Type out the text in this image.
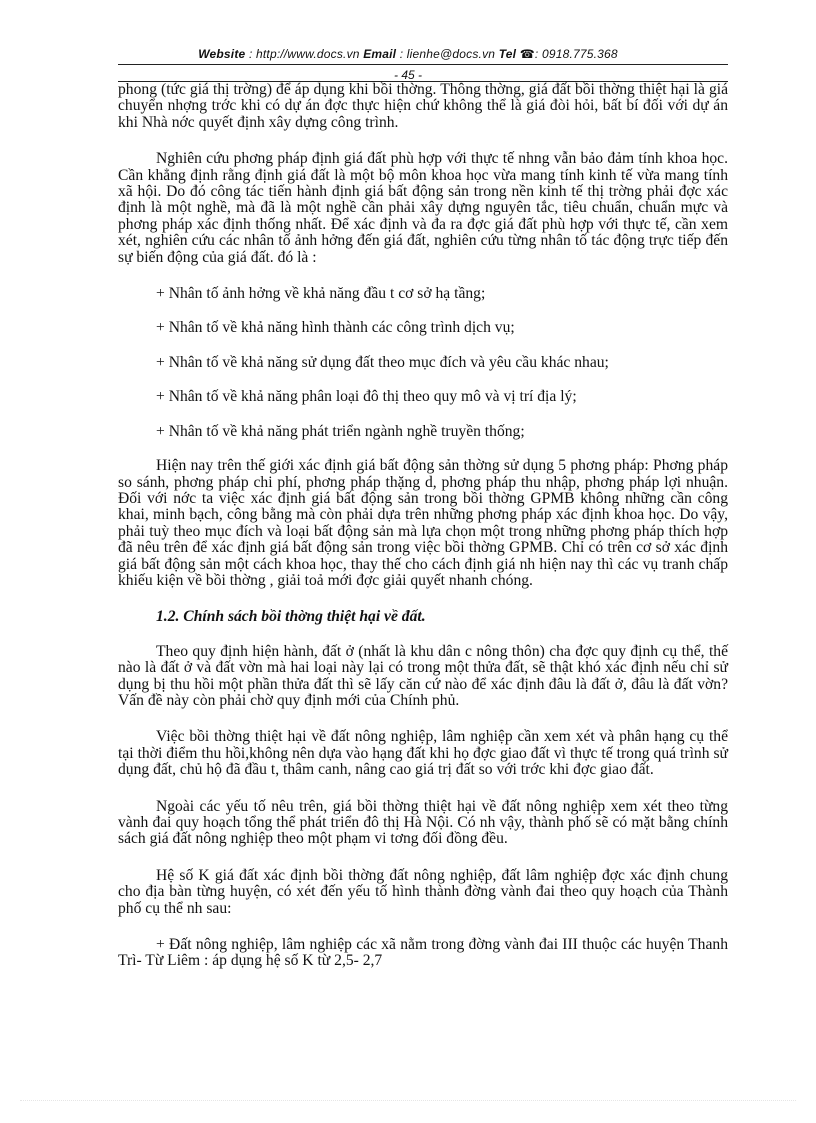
Website : http://www.docs.vn Email : lienhe@docs.vn Tel ☎: 0918.775.368
- 45 -

phong (tức giá thị trờng) để áp dụng khi bồi thờng. Thông thờng, giá đất bồi thờng thiệt hại là giá chuyển nhợng trớc khi có dự án đợc thực hiện chứ không thể là giá đòi hỏi, bất bí đối với dự án khi Nhà nớc quyết định xây dựng công trình.

Nghiên cứu phơng pháp định giá đất phù hợp với thực tế nhng vẫn bảo đảm tính khoa học. Cần khẳng định rằng định giá đất là một bộ môn khoa học vừa mang tính kinh tế vừa mang tính xã hội. Do đó công tác tiến hành định giá bất động sản trong nền kinh tế thị trờng phải đợc xác định là một nghề, mà đã là một nghề cần phải xây dựng nguyên tắc, tiêu chuẩn, chuẩn mực và phơng pháp xác định thống nhất. Để xác định và đa ra đợc giá đất phù hợp với thực tế, cần xem xét, nghiên cứu các nhân tố ảnh hởng đến giá đất, nghiên cứu từng nhân tố tác động trực tiếp đến sự biến động của giá đất. đó là :

+ Nhân tố ảnh hởng về khả năng đầu t cơ sở hạ tầng;

+ Nhân tố về khả năng hình thành các công trình dịch vụ;

+ Nhân tố về khả năng sử dụng đất theo mục đích và yêu cầu khác nhau;

+ Nhân tố về khả năng phân loại đô thị theo quy mô và vị trí địa lý;

+ Nhân tố về khả năng phát triển ngành nghề truyền thống;

Hiện nay trên thế giới xác định giá bất động sản thờng sử dụng 5 phơng pháp: Phơng pháp so sánh, phơng pháp chi phí, phơng pháp thặng d, phơng pháp thu nhập, phơng pháp lợi nhuận. Đối với nớc ta việc xác định giá bất động sản trong bồi thờng GPMB không những cần công khai, minh bạch, công bằng mà còn phải dựa trên những phơng pháp xác định khoa học. Do vậy, phải tuỳ theo mục đích và loại bất động sản mà lựa chọn một trong những phơng pháp thích hợp đã nêu trên để xác định giá bất động sản trong việc bồi thờng GPMB. Chỉ có trên cơ sở xác định giá bất động sản một cách khoa học, thay thế cho cách định giá nh hiện nay thì các vụ tranh chấp khiếu kiện về bồi thờng , giải toả mới đợc giải quyết nhanh chóng.

1.2. Chính sách bồi thờng thiệt hại về đất.

Theo quy định hiện hành, đất ở (nhất là khu dân c nông thôn) cha đợc quy định cụ thể, thế nào là đất ở và đất vờn mà hai loại này lại có trong một thửa đất, sẽ thật khó xác định nếu chỉ sử dụng bị thu hồi một phần thửa đất thì sẽ lấy căn cứ nào để xác định đâu là đất ở, đâu là đất vờn? Vấn đề này còn phải chờ quy định mới của Chính phủ.

Việc bồi thờng thiệt hại về đất nông nghiệp, lâm nghiệp cần xem xét và phân hạng cụ thể tại thời điểm thu hồi,không nên dựa vào hạng đất khi họ đợc giao đất vì thực tế trong quá trình sử dụng đất, chủ hộ đã đầu t, thâm canh, nâng cao giá trị đất so với trớc khi đợc giao đất.

Ngoài các yếu tố nêu trên, giá bồi thờng thiệt hại về đất nông nghiệp xem xét theo từng vành đai quy hoạch tổng thể phát triển đô thị Hà Nội. Có nh vậy, thành phố sẽ có mặt bằng chính sách giá đất nông nghiệp theo một phạm vi tơng đối đồng đều.

Hệ số K giá đất xác định bồi thờng đất nông nghiệp, đất lâm nghiệp đợc xác định chung cho địa bàn từng huyện, có xét đến yếu tố hình thành đờng vành đai theo quy hoạch của Thành phố cụ thể nh sau:

+ Đất nông nghiệp, lâm nghiệp các xã nằm trong đờng vành đai III thuộc các huyện Thanh Trì- Từ Liêm : áp dụng hệ số K từ 2,5- 2,7
